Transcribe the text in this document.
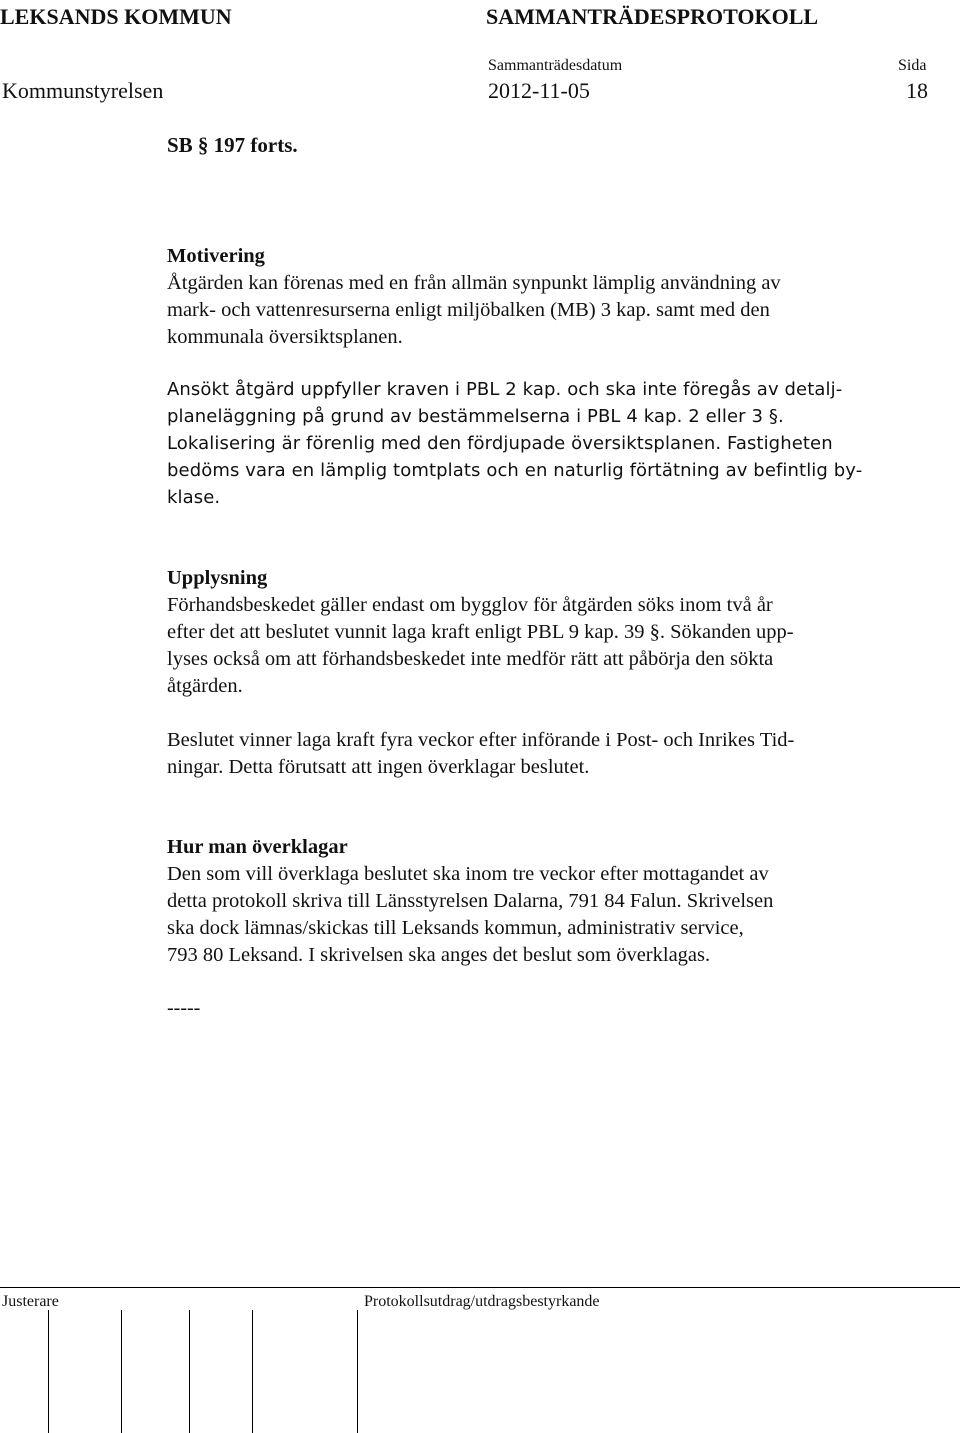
LEKSANDS KOMMUN	SAMMANTRÄDESPROTOKOLL
Sammanträdesdatum	Sida
Kommunstyrelsen	2012-11-05	18
SB § 197 forts.
Motivering
Åtgärden kan förenas med en från allmän synpunkt lämplig användning av
mark- och vattenresurserna enligt miljöbalken (MB) 3 kap. samt med den
kommunala översiktsplanen.
Ansökt åtgärd uppfyller kraven i PBL 2 kap. och ska inte föregås av detalj-
planeläggning på grund av bestämmelserna i PBL 4 kap. 2 eller 3 §.
Lokalisering är förenlig med den fördjupade översiktsplanen. Fastigheten
bedöms vara en lämplig tomtplats och en naturlig förtätning av befintlig by-
klase.
Upplysning
Förhandsbeskedet gäller endast om bygglov för åtgärden söks inom två år
efter det att beslutet vunnit laga kraft enligt PBL 9 kap. 39 §. Sökanden upp-
lyses också om att förhandsbeskedet inte medför rätt att påbörja den sökta
åtgärden.
Beslutet vinner laga kraft fyra veckor efter införande i Post- och Inrikes Tid-
ningar. Detta förutsatt att ingen överklagar beslutet.
Hur man överklagar
Den som vill överklaga beslutet ska inom tre veckor efter mottagandet av
detta protokoll skriva till Länsstyrelsen Dalarna, 791 84 Falun. Skrivelsen
ska dock lämnas/skickas till Leksands kommun, administrativ service,
793 80 Leksand. I skrivelsen ska anges det beslut som överklagas.
-----
Justerare	Protokollsutdrag/utdragsbestyrkande
